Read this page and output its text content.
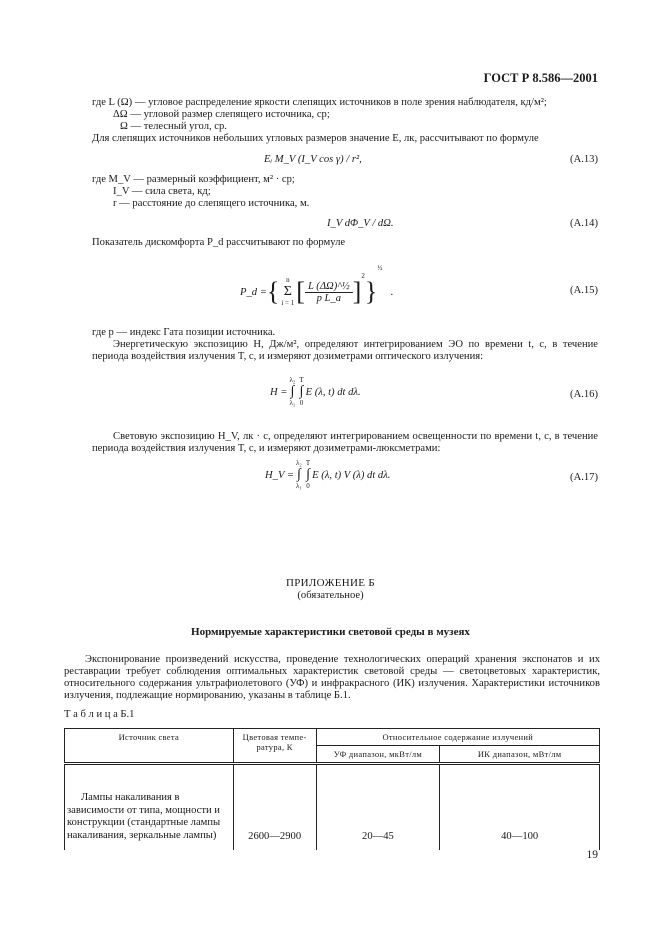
ГОСТ Р 8.586—2001
где L (Ω) — угловое распределение яркости слепящих источников в поле зрения наблюдателя, кд/м²;
ΔΩ — угловой размер слепящего источника, ср;
Ω — телесный угол, ср.
Для слепящих источников небольших угловых размеров значение E, лк, рассчитывают по формуле
Eᵢ M_V (I_V cos γ) / r²,	(А.13)
где M_V — размерный коэффициент, м² · ср;
I_V — сила света, кд;
r — расстояние до слепящего источника, м.
I_V dΦ_V / dΩ.	(А.14)
Показатель дискомфорта P_d рассчитывают по формуле
P_d = { n
Σ
i = 1 [ $\frac{\text{L (ΔΩ)\textasciicircum{}½}}{\text{p L\_a}}$ ]
$^2$
}
½
.	(А.15)
где p — индекс Гата позиции источника.
Энергетическую экспозицию H, Дж/м², определяют интегрированием ЭО по времени t, с, в течение периода воздействия излучения T, с, и измеряют дозиметрами оптического излучения:
H =
λ₂
∫
λ₁
T
∫
0
E (λ, t) dt dλ.	(А.16)
Световую экспозицию H_V, лк · с, определяют интегрированием освещенности по времени t, с, в течение периода воздействия излучения T, с, и измеряют дозиметрами-люксметрами:
H_V =
λ₂
∫
λ₁
T
∫
0
E (λ, t) V (λ) dt dλ.	(А.17)
ПРИЛОЖЕНИЕ Б
(обязательное)
Нормируемые характеристики световой среды в музеях
Экспонирование произведений искусства, проведение технологических операций хранения экспонатов и их реставрации требует соблюдения оптимальных характеристик световой среды — светоцветовых характеристик, относительного содержания ультрафиолетового (УФ) и инфракрасного (ИК) излучения. Характеристики источников излучения, подлежащие нормированию, указаны в таблице Б.1.
Т а б л и ц а Б.1
Источник света	Цветовая темпе- ратура, К	Относительное содержание излучений	
		УФ диапазон, мкВт/лм	ИК диапазон, мВт/лм
Лампы накаливания в зависимости от типа, мощности и конструкции (стандартные лампы накаливания, зеркальные лампы)	2600—2900	20—45	40—100
19
